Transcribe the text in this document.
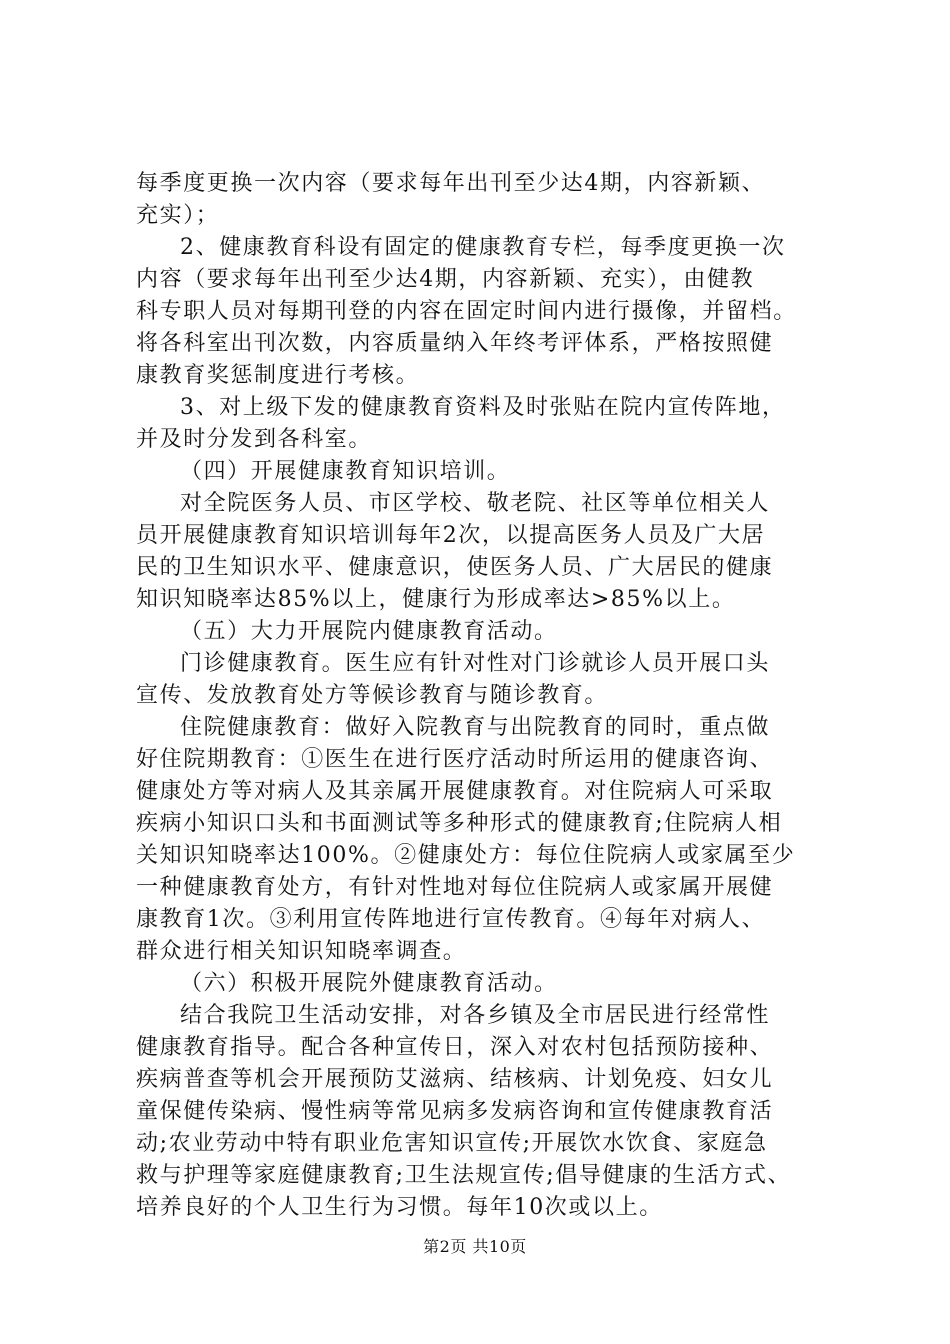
每季度更换一次内容（要求每年出刊至少达4期，内容新颖、
充实）；

2、健康教育科设有固定的健康教育专栏，每季度更换一次
内容（要求每年出刊至少达4期，内容新颖、充实），由健教
科专职人员对每期刊登的内容在固定时间内进行摄像，并留档。
将各科室出刊次数，内容质量纳入年终考评体系，严格按照健
康教育奖惩制度进行考核。

3、对上级下发的健康教育资料及时张贴在院内宣传阵地，
并及时分发到各科室。

（四）开展健康教育知识培训。

对全院医务人员、市区学校、敬老院、社区等单位相关人
员开展健康教育知识培训每年2次，以提高医务人员及广大居
民的卫生知识水平、健康意识，使医务人员、广大居民的健康
知识知晓率达85%以上，健康行为形成率达>85%以上。

（五）大力开展院内健康教育活动。

门诊健康教育。医生应有针对性对门诊就诊人员开展口头
宣传、发放教育处方等候诊教育与随诊教育。

住院健康教育：做好入院教育与出院教育的同时，重点做
好住院期教育：①医生在进行医疗活动时所运用的健康咨询、
健康处方等对病人及其亲属开展健康教育。对住院病人可采取
疾病小知识口头和书面测试等多种形式的健康教育;住院病人相
关知识知晓率达100%。②健康处方：每位住院病人或家属至少
一种健康教育处方，有针对性地对每位住院病人或家属开展健
康教育1次。③利用宣传阵地进行宣传教育。④每年对病人、
群众进行相关知识知晓率调查。

（六）积极开展院外健康教育活动。

结合我院卫生活动安排，对各乡镇及全市居民进行经常性
健康教育指导。配合各种宣传日，深入对农村包括预防接种、
疾病普查等机会开展预防艾滋病、结核病、计划免疫、妇女儿
童保健传染病、慢性病等常见病多发病咨询和宣传健康教育活
动;农业劳动中特有职业危害知识宣传;开展饮水饮食、家庭急
救与护理等家庭健康教育;卫生法规宣传;倡导健康的生活方式、
培养良好的个人卫生行为习惯。每年10次或以上。

第2页 共10页
